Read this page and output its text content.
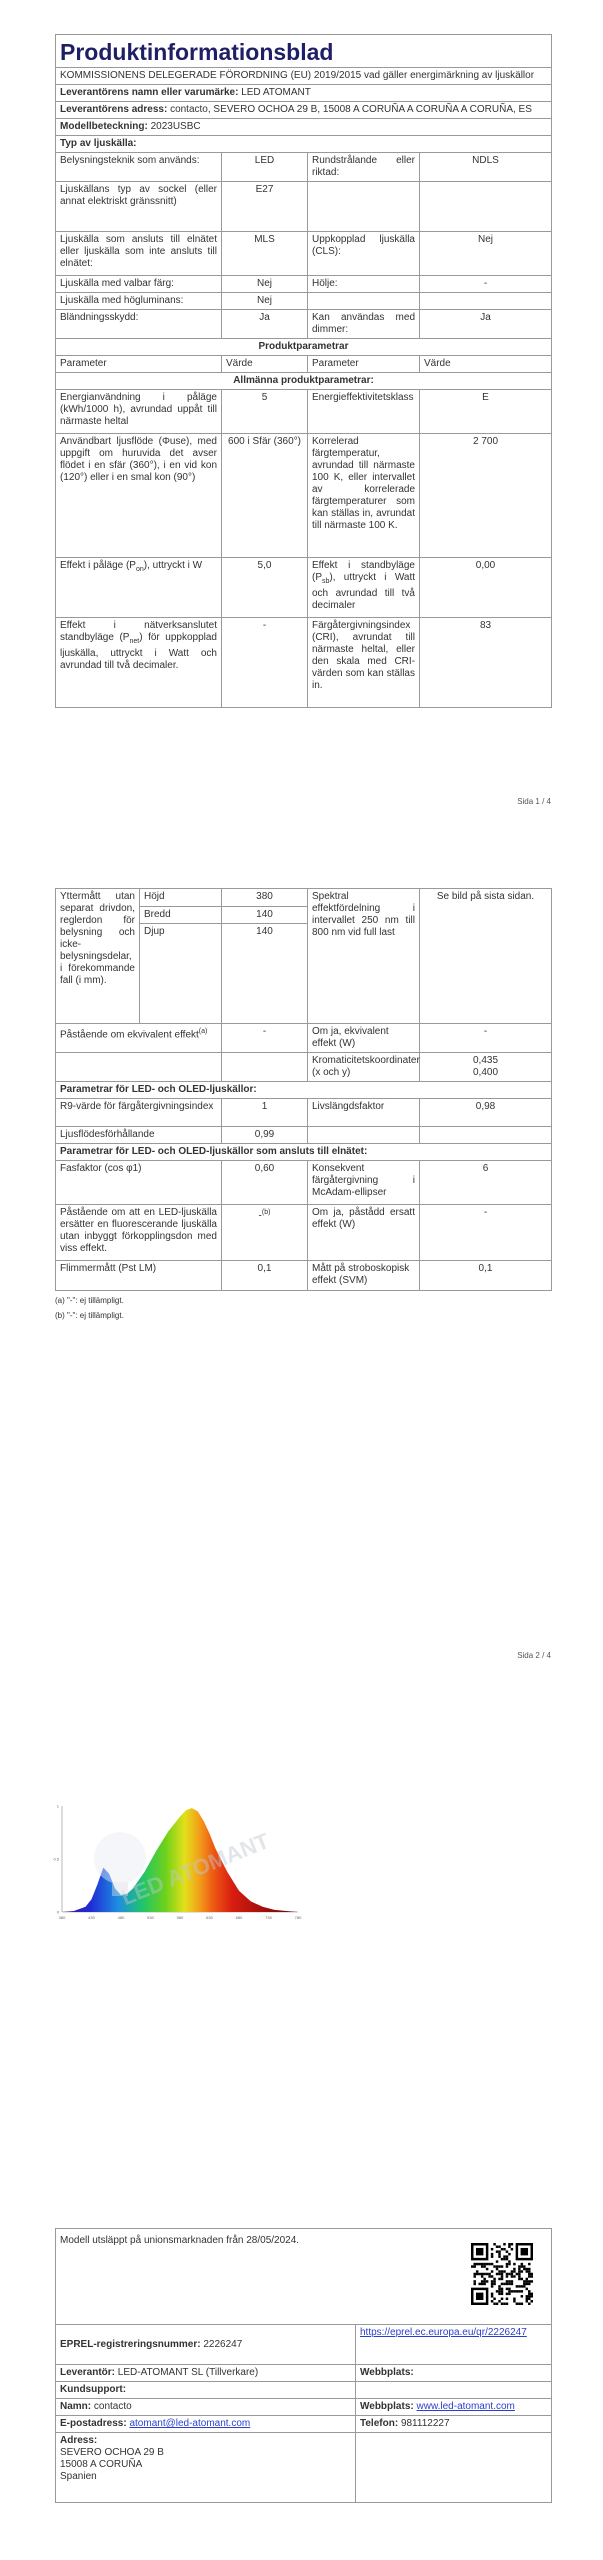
Produktinformationsblad			
KOMMISSIONENS DELEGERADE FÖRORDNING (EU) 2019/2015 vad gäller energimärkning av ljuskällor			
Leverantörens namn eller varumärke: LED ATOMANT			
Leverantörens adress: contacto, SEVERO OCHOA 29 B, 15008 A CORUÑA A CORUÑA A CORUÑA, ES			
Modellbeteckning: 2023USBC			
Typ av ljuskälla:			
Belysningsteknik som används:	LED	Rundstrålande eller riktad:	NDLS
Ljuskällans typ av sockel (eller annat elektriskt gränssnitt)	E27		
Ljuskälla som ansluts till elnätet eller ljuskälla som inte ansluts till elnätet:	MLS	Uppkopplad ljuskälla (CLS):	Nej
Ljuskälla med valbar färg:	Nej	Hölje:	-
Ljuskälla med högluminans:	Nej		
Bländningsskydd:	Ja	Kan användas med dimmer:	Ja
Produktparametrar			
Parameter	Värde	Parameter	Värde
Allmänna produktparametrar:			
Energianvändning i påläge (kWh/1000 h), avrundad uppåt till närmaste heltal	5	Energieffektivitetsklass	E
Användbart ljusflöde (Φuse), med uppgift om huruvida det avser flödet i en sfär (360°), i en vid kon (120°) eller i en smal kon (90°)	600 i Sfär (360°)	Korrelerad färgtemperatur, avrundad till närmaste 100 K, eller intervallet av korrelerade färgtemperaturer som kan ställas in, avrundat till närmaste 100 K.	2 700
Effekt i påläge $(P_{on})$, uttryckt i W	5,0	Effekt i standbyläge $(P_{sb})$, uttryckt i Watt och avrundad till två decimaler	0,00
Effekt i nätverksanslutet standbyläge $(P_{net})$ för uppkopplad ljuskälla, uttryckt i Watt och avrundad till två decimaler.	-	Färgåtergivningsindex (CRI), avrundat till närmaste heltal, eller den skala med CRI-värden som kan ställas in.	83
Sida 1 / 4
Yttermått utan separat drivdon, reglerdon för belysning och icke-belysningsdelar, i förekommande fall (i mm).	Höjd	380	Spektral effektfördelning i intervallet 250 nm till 800 nm vid full last	Se bild på sista sidan.
	Bredd	140		
	Djup	140		
Påstående om ekvivalent effekt$^{(a)}$		-	Om ja, ekvivalent effekt (W)	-
			Kromaticitetskoordinater (x och y)	0,435
0,400
Parametrar för LED- och OLED-ljuskällor:				
R9-värde för färgåtergivningsindex		1	Livslängdsfaktor	0,98
Ljusflödesförhållande		0,99		
Parametrar för LED- och OLED-ljuskällor som ansluts till elnätet:				
Fasfaktor (cos φ1)		0,60	Konsekvent färgåtergivning i McAdam-ellipser	6
Påstående om att en LED-ljuskälla ersätter en fluorescerande ljuskälla utan inbyggt förkopplingsdon med viss effekt.		-$^{(b)}$	Om ja, påstådd ersatt effekt (W)	-
Flimmermått (Pst LM)		0,1	Mått på stroboskopisk effekt (SVM)	0,1
(a) "-": ej tillämpligt.
(b) "-": ej tillämpligt.
Sida 2 / 4
380	430	480	530	580	630	680	730	780
0
0.5
1
LED ATOMANT
Modell utsläppt på unionsmarknaden från 28/05/2024.	

EPREL-registreringsnummer: 2226247	https://eprel.ec.europa.eu/qr/2226247
Leverantör: LED-ATOMANT SL (Tillverkare)	Webbplats:
Kundsupport:	
Namn: contacto	Webbplats: www.led-atomant.com
E-postadress: atomant@led-atomant.com	Telefon: 981112227

Adress:
SEVERO OCHOA 29 B
15008 A CORUÑA
Spanien	
